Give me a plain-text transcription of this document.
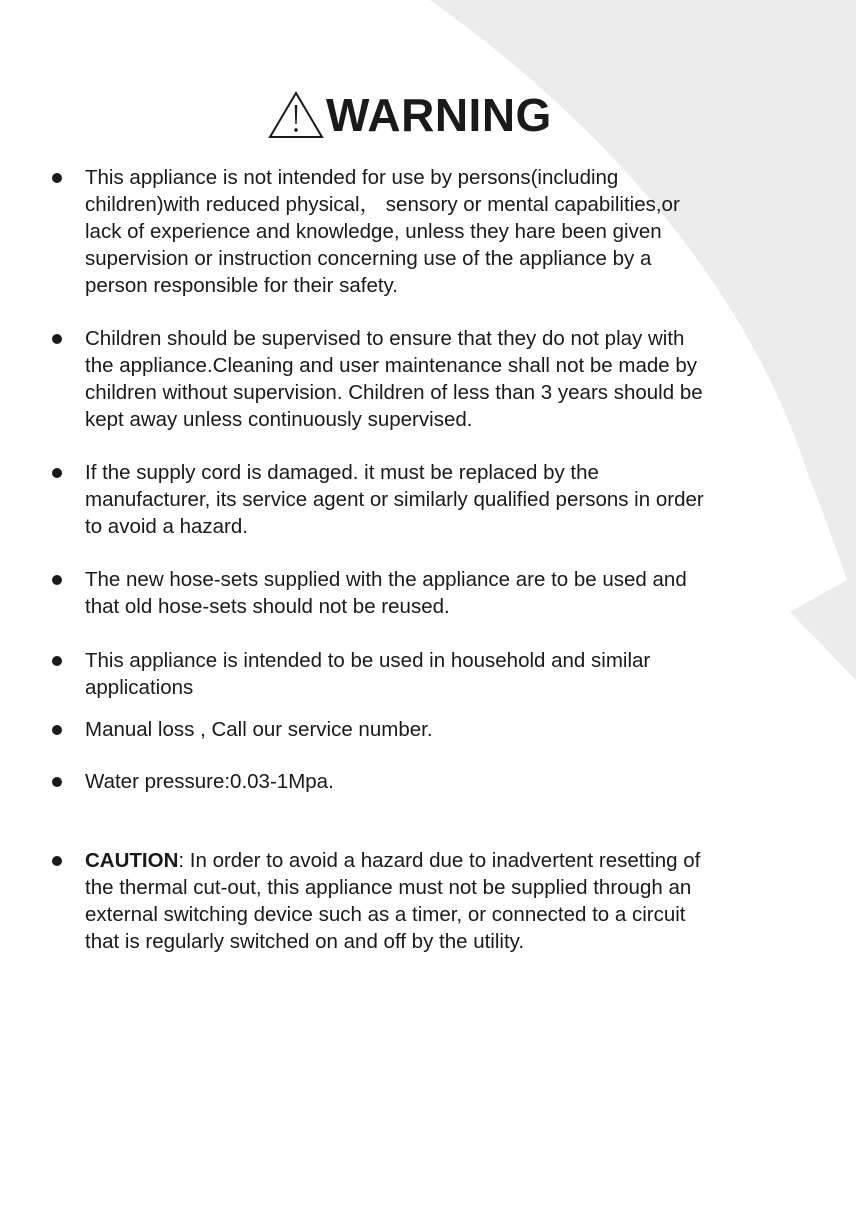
WARNING
This appliance is not intended for use by persons(including
children)with reduced physical， sensory or mental capabilities,or
lack of experience and knowledge, unless they hare been given
supervision or instruction concerning use of the appliance by a
person responsible for their safety.
Children should be supervised to ensure that they do not play with
the appliance.Cleaning and user maintenance shall not be made by
children without supervision. Children of less than 3 years should be
kept away unless continuously supervised.
If the supply cord is damaged. it must be replaced by the
manufacturer, its service agent or similarly qualified persons in order
to avoid a hazard.
The new hose-sets supplied with the appliance are to be used and
that old hose-sets should not be reused.
This appliance is intended to be used in household and similar
applications
Manual loss , Call our service number.
Water pressure:0.03-1Mpa.
CAUTION: In order to avoid a hazard due to inadvertent resetting of
the thermal cut-out, this appliance must not be supplied through an
external switching device such as a timer, or connected to a circuit
that is regularly switched on and off by the utility.
